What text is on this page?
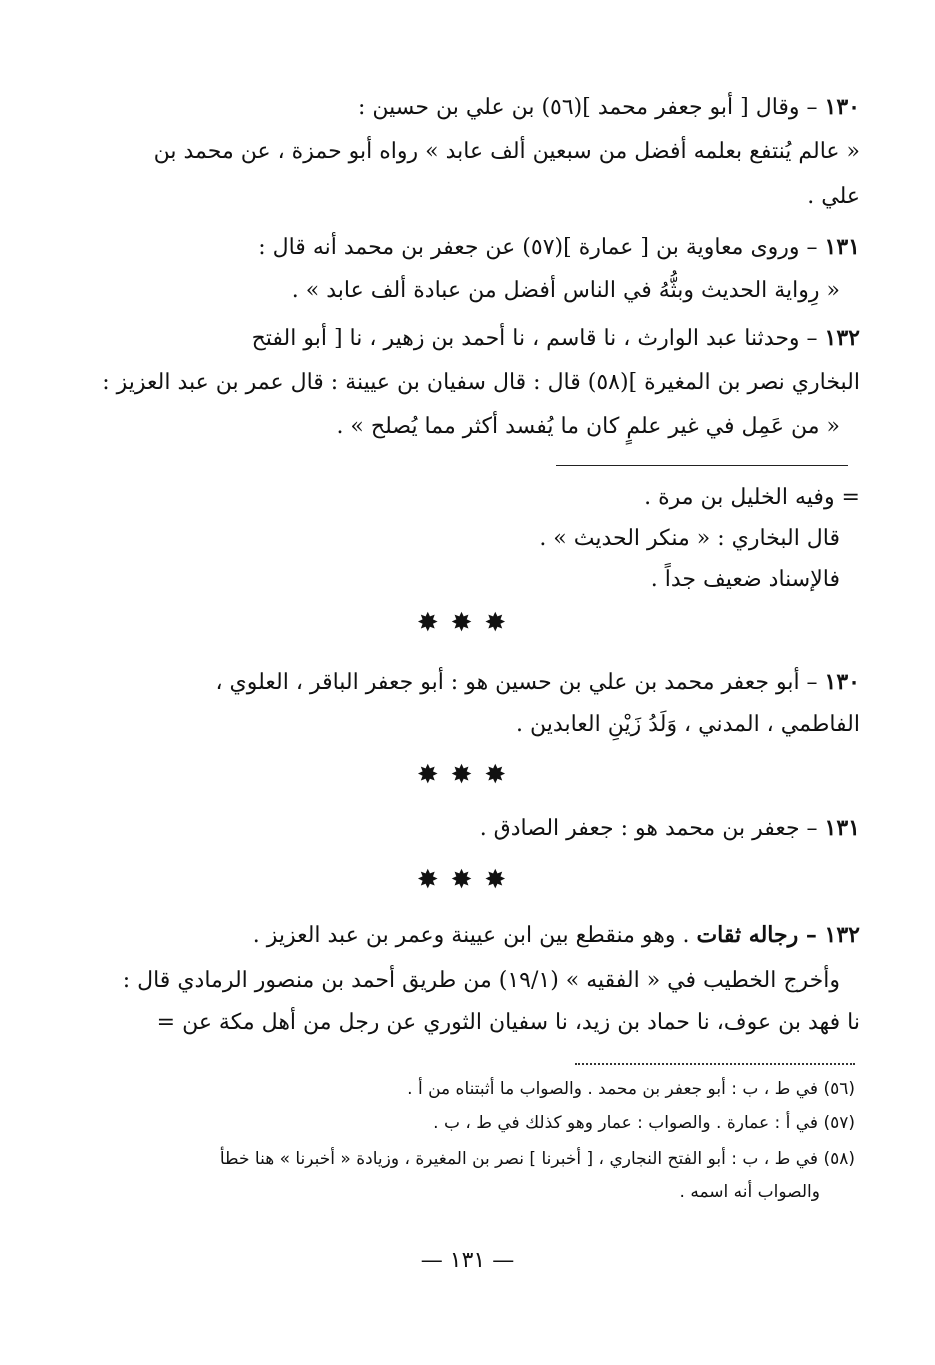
١٣٠ – وقال [ أبو جعفر محمد ](٥٦) بن علي بن حسين :
« عالم يُنتفع بعلمه أفضل من سبعين ألف عابد » رواه أبو حمزة ، عن محمد بن
علي .
١٣١ – وروى معاوية بن [ عمارة ](٥٧) عن جعفر بن محمد أنه قال :
« رِواية الحديث وبثُّهُ في الناس أفضل من عبادة ألف عابد » .
١٣٢ – وحدثنا عبد الوارث ، نا قاسم ، نا أحمد بن زهير ، نا [ أبو الفتح
البخاري نصر بن المغيرة ](٥٨) قال : قال سفيان بن عيينة : قال عمر بن عبد العزيز :
« من عَمِل في غير علمٍ كان ما يُفسد أكثر مما يُصلح » .
= وفيه الخليل بن مرة .
قال البخاري : « منكر الحديث » .
فالإسناد ضعيف جداً .
✸✸✸
١٣٠ – أبو جعفر محمد بن علي بن حسين هو : أبو جعفر الباقر ، العلوي ،
الفاطمي ، المدني ، وَلَدُ زَيْنِ العابدين .
✸✸✸
١٣١ – جعفر بن محمد هو : جعفر الصادق .
✸✸✸
١٣٢ – رجاله ثقات . وهو منقطع بين ابن عيينة وعمر بن عبد العزيز .
وأخرج الخطيب في « الفقيه » (١٩/١) من طريق أحمد بن منصور الرمادي قال :
نا فهد بن عوف، نا حماد بن زيد، نا سفيان الثوري عن رجل من أهل مكة عن =
(٥٦) في ط ، ب : أبو جعفر بن محمد . والصواب ما أثبتناه من أ .
(٥٧) في أ : عمارة . والصواب : عمار وهو كذلك في ط ، ب .
(٥٨) في ط ، ب : أبو الفتح النجاري ، [ أخبرنا ] نصر بن المغيرة ، وزيادة « أخبرنا » هنا خطأ
والصواب أنه اسمه .
— ١٣١ —
